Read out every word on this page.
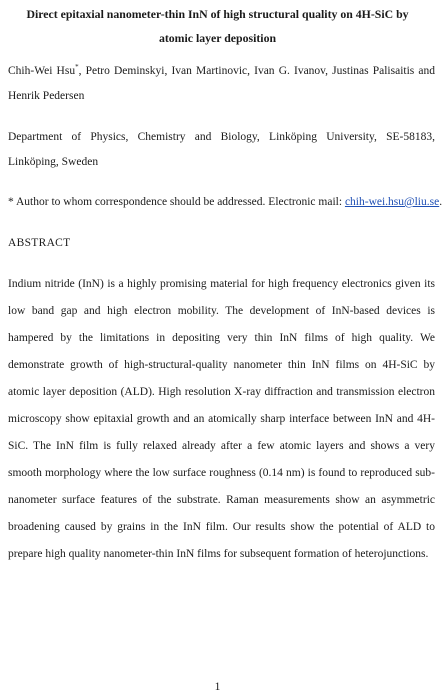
Direct epitaxial nanometer-thin InN of high structural quality on 4H-SiC by atomic layer deposition
Chih-Wei Hsu*, Petro Deminskyi, Ivan Martinovic, Ivan G. Ivanov, Justinas Palisaitis and Henrik Pedersen
Department of Physics, Chemistry and Biology, Linköping University, SE-58183, Linköping, Sweden
* Author to whom correspondence should be addressed. Electronic mail: chih-wei.hsu@liu.se.
ABSTRACT
Indium nitride (InN) is a highly promising material for high frequency electronics given its low band gap and high electron mobility. The development of InN-based devices is hampered by the limitations in depositing very thin InN films of high quality. We demonstrate growth of high-structural-quality nanometer thin InN films on 4H-SiC by atomic layer deposition (ALD). High resolution X-ray diffraction and transmission electron microscopy show epitaxial growth and an atomically sharp interface between InN and 4H-SiC. The InN film is fully relaxed already after a few atomic layers and shows a very smooth morphology where the low surface roughness (0.14 nm) is found to reproduced sub-nanometer surface features of the substrate. Raman measurements show an asymmetric broadening caused by grains in the InN film. Our results show the potential of ALD to prepare high quality nanometer-thin InN films for subsequent formation of heterojunctions.
1
